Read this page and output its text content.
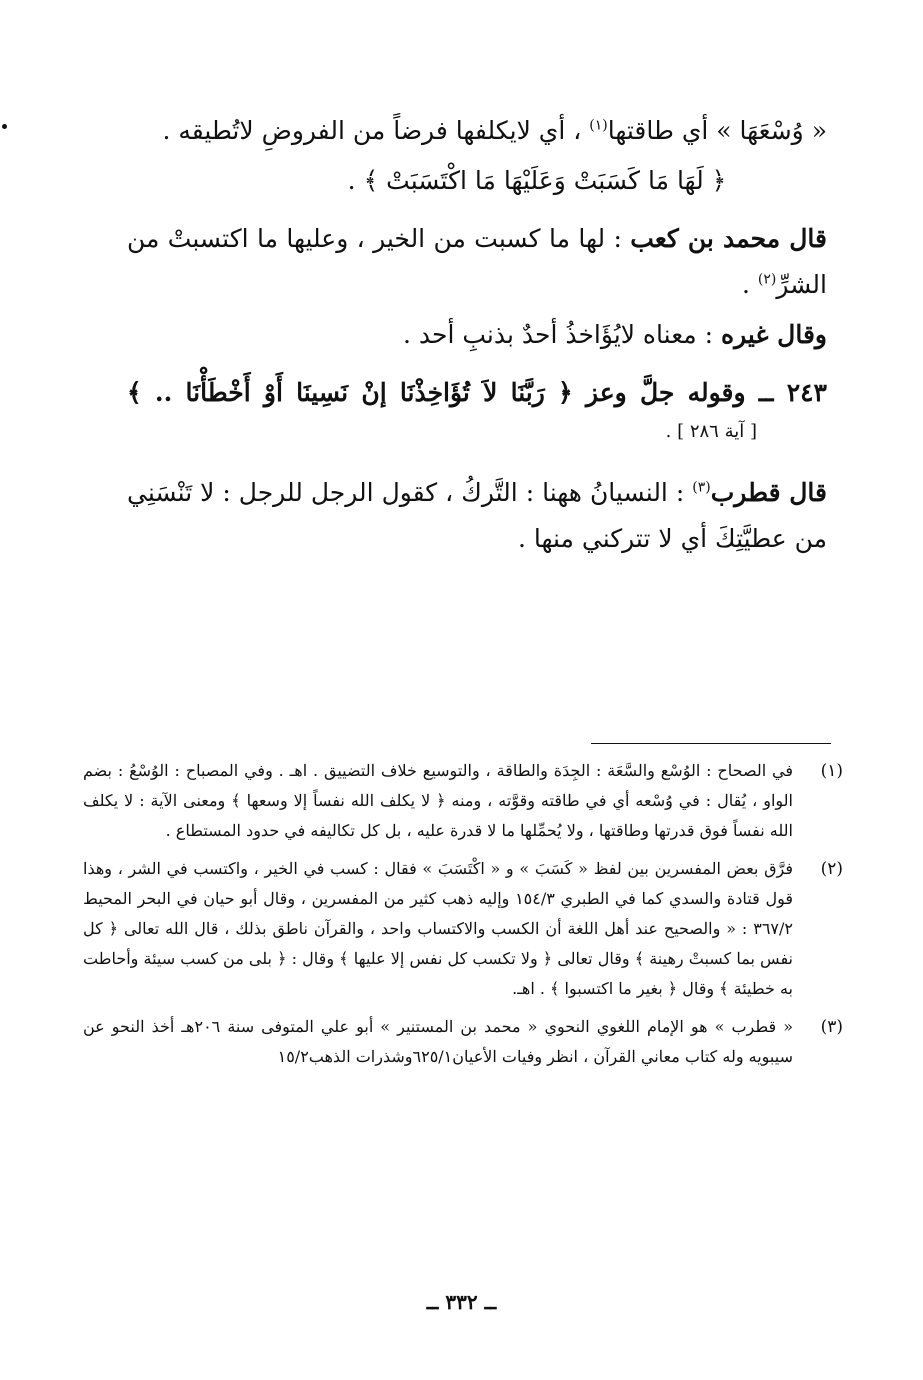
« وُسْعَهَا » أي طاقتها$^{(١)}$ ، أي لايكلفها فرضاً من الفروضِ لاتُطيقه .

﴿ لَهَا مَا كَسَبَتْ وَعَلَيْهَا مَا اكْتَسَبَتْ ﴾ .

قال محمد بن كعب : لها ما كسبت من الخير ، وعليها ما اكتسبتْ من الشرِّ$^{(٢)}$ .

وقال غيره : معناه لايُؤَاخذُ أحدٌ بذنبِ أحد .

٢٤٣ ــ وقوله جلَّ وعز ﴿ رَبَّنَا لاَ تُؤَاخِذْنَا إنْ نَسِينَا أَوْ أَخْطَأْنَا .. ﴾

[ آية ٢٨٦ ] .

قال قطرب$^{(٣)}$ : النسيانُ ههنا : التَّركُ ، كقول الرجل للرجل : لا تَنْسَنِي من عطيَّتِكَ أي لا تتركني منها .

(١)
في الصحاح : الوُسْع والسَّعَة : الجِدَة والطاقة ، والتوسيع خلاف التضييق . اهـ . وفي المصباح : الوُسْعُ : بضم الواو ، يُقال : في وُسْعه أي في طاقته وقوَّته ، ومنه ﴿ لا يكلف الله نفساً إلا وسعها ﴾ ومعنى الآية : لا يكلف الله نفساً فوق قدرتها وطاقتها ، ولا يُحمِّلها ما لا قدرة عليه ، بل كل تكاليفه في حدود المستطاع .
(٢)
فرَّق بعض المفسرين بين لفظ « كَسَبَ » و « اكْتَسَبَ » فقال : كسب في الخير ، واكتسب في الشر ، وهذا قول قتادة والسدي كما في الطبري ١٥٤/٣ وإليه ذهب كثير من المفسرين ، وقال أبو حيان في البحر المحيط ٣٦٧/٢ : « والصحيح عند أهل اللغة أن الكسب والاكتساب واحد ، والقرآن ناطق بذلك ، قال الله تعالى ﴿ كل نفس بما كسبتْ رهينة ﴾ وقال تعالى ﴿ ولا تكسب كل نفس إلا عليها ﴾ وقال : ﴿ بلى من كسب سيئة وأحاطت به خطيئة ﴾ وقال ﴿ بغير ما اكتسبوا ﴾ . اهـ.
(٣)
« قطرب » هو الإمام اللغوي النحوي « محمد بن المستنير » أبو علي المتوفى سنة ٢٠٦هـ أخذ النحو عن سيبويه وله كتاب معاني القرآن ، انظر وفيات الأعيان٦٢٥/١وشذرات الذهب١٥/٢
ــ ٣٣٢ ــ
